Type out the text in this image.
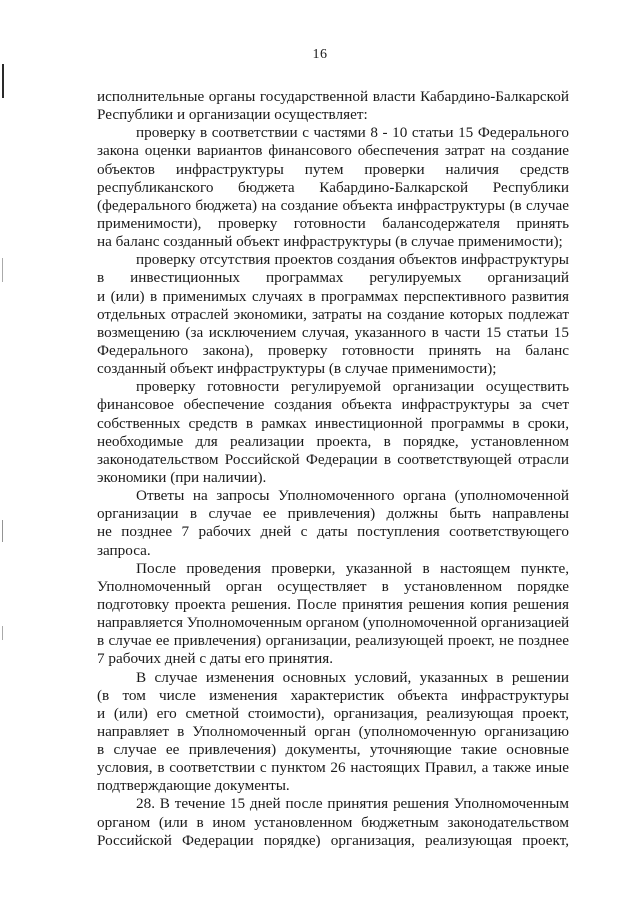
16
исполнительные органы государственной власти Кабардино-Балкарской
Республики и организации осуществляет:
проверку в соответствии с частями 8 - 10 статьи 15 Федерального
закона оценки вариантов финансового обеспечения затрат на создание
объектов инфраструктуры путем проверки наличия средств
республиканского бюджета Кабардино-Балкарской Республики
(федерального бюджета) на создание объекта инфраструктуры (в случае
применимости), проверку готовности балансодержателя принять
на баланс созданный объект инфраструктуры (в случае применимости);
проверку отсутствия проектов создания объектов инфраструктуры
в инвестиционных программах регулируемых организаций
и (или) в применимых случаях в программах перспективного развития
отдельных отраслей экономики, затраты на создание которых подлежат
возмещению (за исключением случая, указанного в части 15 статьи 15
Федерального закона), проверку готовности принять на баланс
созданный объект инфраструктуры (в случае применимости);
проверку готовности регулируемой организации осуществить
финансовое обеспечение создания объекта инфраструктуры за счет
собственных средств в рамках инвестиционной программы в сроки,
необходимые для реализации проекта, в порядке, установленном
законодательством Российской Федерации в соответствующей отрасли
экономики (при наличии).
Ответы на запросы Уполномоченного органа (уполномоченной
организации в случае ее привлечения) должны быть направлены
не позднее 7 рабочих дней с даты поступления соответствующего
запроса.
После проведения проверки, указанной в настоящем пункте,
Уполномоченный орган осуществляет в установленном порядке
подготовку проекта решения. После принятия решения копия решения
направляется Уполномоченным органом (уполномоченной организацией
в случае ее привлечения) организации, реализующей проект, не позднее
7 рабочих дней с даты его принятия.
В случае изменения основных условий, указанных в решении
(в том числе изменения характеристик объекта инфраструктуры
и (или) его сметной стоимости), организация, реализующая проект,
направляет в Уполномоченный орган (уполномоченную организацию
в случае ее привлечения) документы, уточняющие такие основные
условия, в соответствии с пунктом 26 настоящих Правил, а также иные
подтверждающие документы.
28. В течение 15 дней после принятия решения Уполномоченным
органом (или в ином установленном бюджетным законодательством
Российской Федерации порядке) организация, реализующая проект,
